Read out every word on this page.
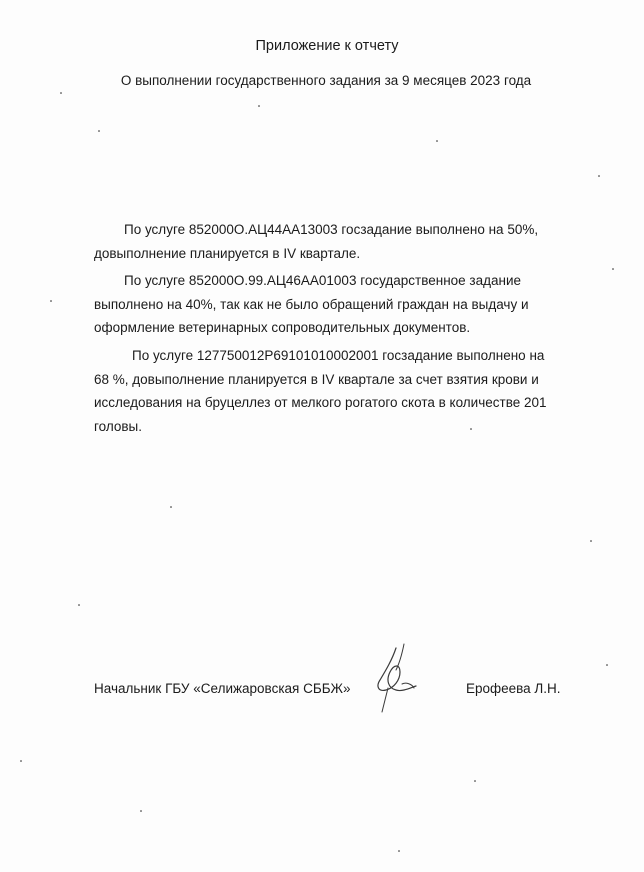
Приложение к отчету
О выполнении государственного задания за 9 месяцев 2023 года

По услуге 852000О.АЦ44АА13003 госзадание выполнено на 50%, довыполнение планируется в IV квартале.

По услуге 852000О.99.АЦ46АА01003 государственное задание выполнено на 40%, так как не было обращений граждан на выдачу и оформление ветеринарных сопроводительных документов.

По услуге 127750012Р69101010002001 госзадание выполнено на 68 %, довыполнение планируется в IV квартале за счет взятия крови и исследования на бруцеллез от мелкого рогатого скота в количестве 201 головы.

Начальник ГБУ «Селижаровская СББЖ»	Ерофеева Л.Н.
